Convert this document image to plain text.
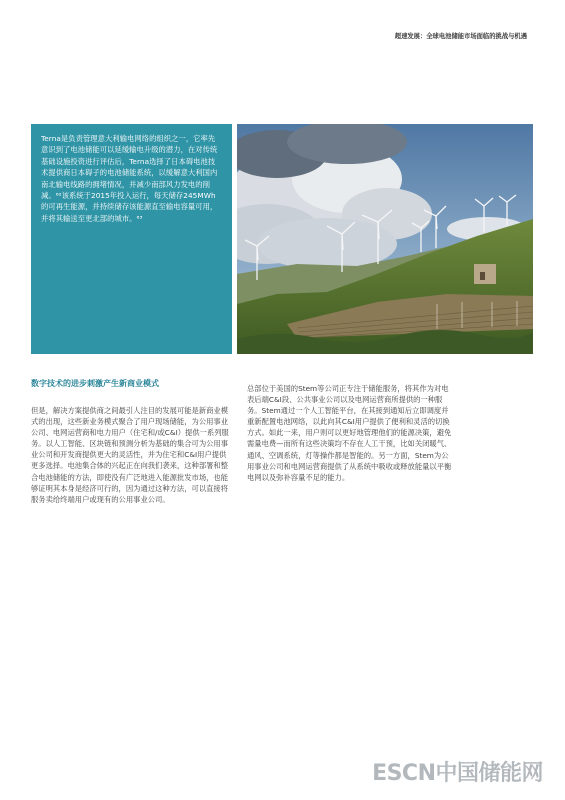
超速发展：全球电池储能市场面临的挑战与机遇

Terna是负责管理意大利输电网络的组织之一，它率先意识到了电池储能可以延缓输电升级的潜力，在对传统基础设施投资进行评估后，Terna选择了日本碍电池技术提供商日本碍子的电池储能系统，以缓解意大利国内南北输电线路的拥堵情况，并减少南部风力发电的削减。⁶²该系统于2015年投入运行，每天储存245MWh的可再生能源，并持续储存该能源直至输电容量可用，并将其输送至更北部的城市。⁶³

数字技术的进步刺激产生新商业模式

但是，解决方案提供商之间最引人注目的发展可能是新商业模式的出现，这些新业务模式聚合了用户现场储能，为公用事业公司、电网运营商和电力用户（住宅和/或C&I）提供一系列服务。以人工智能、区块链和预测分析为基础的集合可为公用事业公司和开发商提供更大的灵活性，并为住宅和C&I用户提供更多选择。电池集合体的兴起正在向我们袭来，这种部署和整合电池储能的方法，即使没有广泛地进入能源批发市场，也能够证明其本身是经济可行的，因为通过这种方法，可以直接将服务卖给终端用户或现有的公用事业公司。

总部位于美国的Stem等公司正专注于储能服务，将其作为对电表后端C&I段、公共事业公司以及电网运营商所提供的一种服务。Stem通过一个人工智能平台，在其接到通知后立即调度并重新配置电池网络，以此向其C&I用户提供了便利和灵活的切换方式。如此一来，用户则可以更好地管理他们的能源决策，避免需量电费—而所有这些决策均不存在人工干预，比如关闭暖气、通风、空调系统，灯等操作都是智能的。另一方面，Stem为公用事业公司和电网运营商提供了从系统中吸收或释放能量以平衡电网以及弥补容量不足的能力。

ESCN中国储能网
